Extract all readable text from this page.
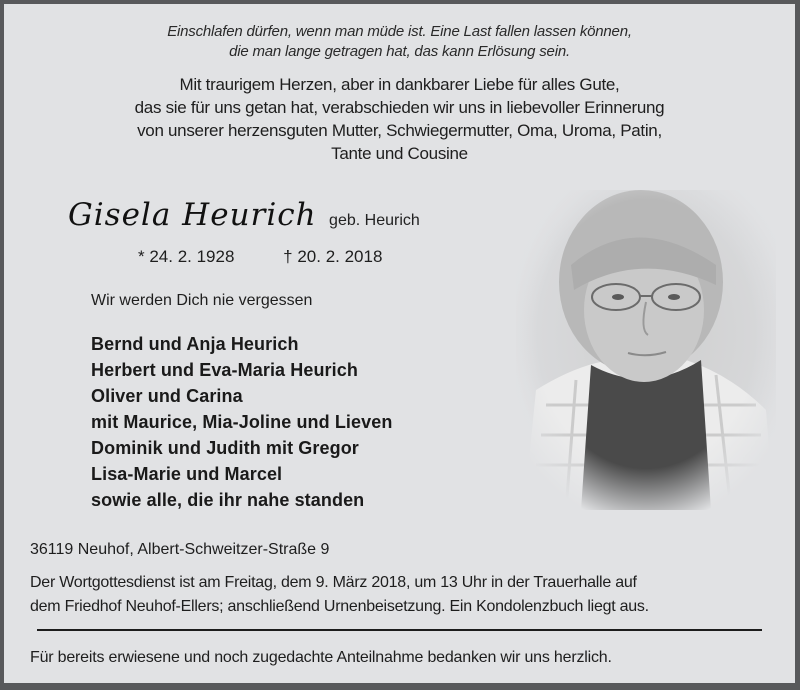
Einschlafen dürfen, wenn man müde ist. Eine Last fallen lassen können,
die man lange getragen hat, das kann Erlösung sein.
Mit traurigem Herzen, aber in dankbarer Liebe für alles Gute,
das sie für uns getan hat, verabschieden wir uns in liebevoller Erinnerung
von unserer herzensguten Mutter, Schwiegermutter, Oma, Uroma, Patin,
Tante und Cousine
Gisela Heurich geb. Heurich
* 24. 2. 1928	† 20. 2. 2018
Wir werden Dich nie vergessen
Bernd und Anja Heurich
Herbert und Eva-Maria Heurich
Oliver und Carina
mit Maurice, Mia-Joline und Lieven
Dominik und Judith mit Gregor
Lisa-Marie und Marcel
sowie alle, die ihr nahe standen
36119 Neuhof, Albert-Schweitzer-Straße 9
Der Wortgottesdienst ist am Freitag, dem 9. März 2018, um 13 Uhr in der Trauerhalle auf
dem Friedhof Neuhof-Ellers; anschließend Urnenbeisetzung. Ein Kondolenzbuch liegt aus.
Für bereits erwiesene und noch zugedachte Anteilnahme bedanken wir uns herzlich.
